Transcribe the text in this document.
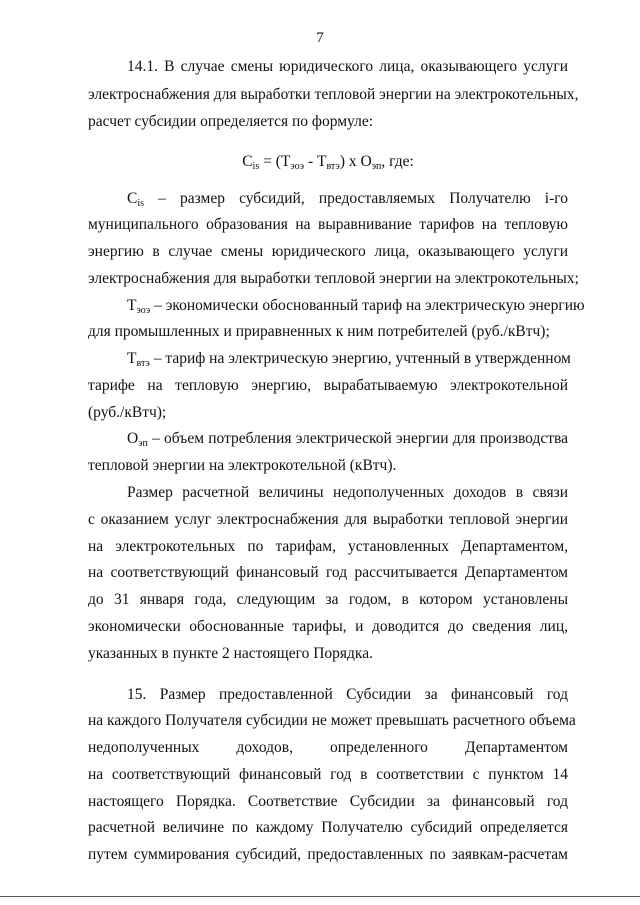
7
14.1. В случае смены юридического лица, оказывающего услуги
электроснабжения для выработки тепловой энергии на электрокотельных,
расчет субсидии определяется по формуле:
$C_{is} = (T_{эоэ} - T_{втэ})$ x $O_{эп}$, где:
$C_{is}$ – размер субсидий, предоставляемых Получателю i-го
муниципального образования на выравнивание тарифов на тепловую
энергию в случае смены юридического лица, оказывающего услуги
электроснабжения для выработки тепловой энергии на электрокотельных;
$T_{эоэ}$ – экономически обоснованный тариф на электрическую энергию
для промышленных и приравненных к ним потребителей (руб./кВтч);
$T_{втэ}$ – тариф на электрическую энергию, учтенный в утвержденном
тарифе на тепловую энергию, вырабатываемую электрокотельной
(руб./кВтч);
$O_{эп}$ – объем потребления электрической энергии для производства
тепловой энергии на электрокотельной (кВтч).
Размер расчетной величины недополученных доходов в связи
с оказанием услуг электроснабжения для выработки тепловой энергии
на электрокотельных по тарифам, установленных Департаментом,
на соответствующий финансовый год рассчитывается Департаментом
до 31 января года, следующим за годом, в котором установлены
экономически обоснованные тарифы, и доводится до сведения лиц,
указанных в пункте 2 настоящего Порядка.
15. Размер предоставленной Субсидии за финансовый год
на каждого Получателя субсидии не может превышать расчетного объема
недополученных доходов, определенного Департаментом
на соответствующий финансовый год в соответствии с пунктом 14
настоящего Порядка. Соответствие Субсидии за финансовый год
расчетной величине по каждому Получателю субсидий определяется
путем суммирования субсидий, предоставленных по заявкам-расчетам
